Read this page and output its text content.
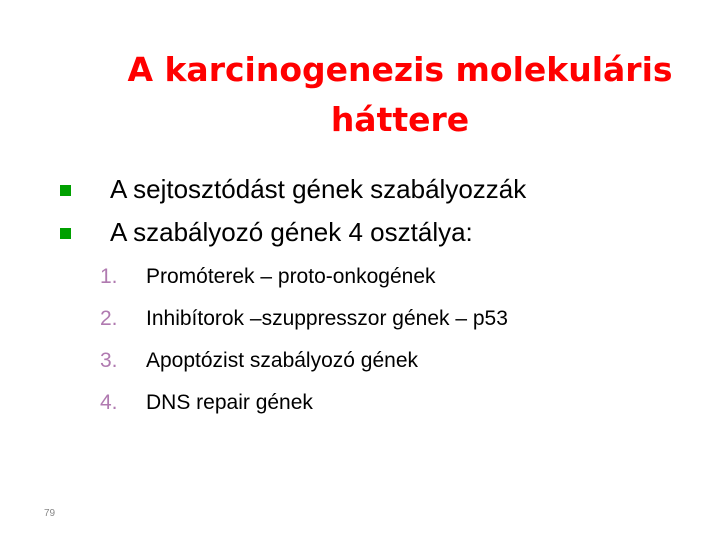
A karcinogenezis molekuláris
háttere
A sejtosztódást gének szabályozzák
A szabályozó gének 4 osztálya:
1. Promóterek – proto-onkogének
2. Inhibítorok –szuppresszor gének – p53
3. Apoptózist szabályozó gének
4. DNS repair gének
79
